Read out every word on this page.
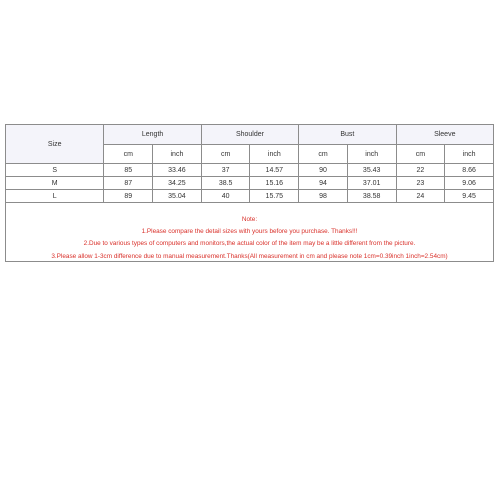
Size	Length		Shoulder		Bust		Sleeve	
	cm	inch	cm	inch	cm	inch	cm	inch
S	85	33.46	37	14.57	90	35.43	22	8.66
M	87	34.25	38.5	15.16	94	37.01	23	9.06
L	89	35.04	40	15.75	98	38.58	24	9.45
Note:
1.Please compare the detail sizes with yours before you purchase. Thanks!!!
2.Due to various types of computers and monitors,the actual color of the item may be a little different from the picture.
3.Please allow 1-3cm difference due to manual measurement.Thanks(All measurement in cm and please note 1cm=0.39inch 1inch=2.54cm)
